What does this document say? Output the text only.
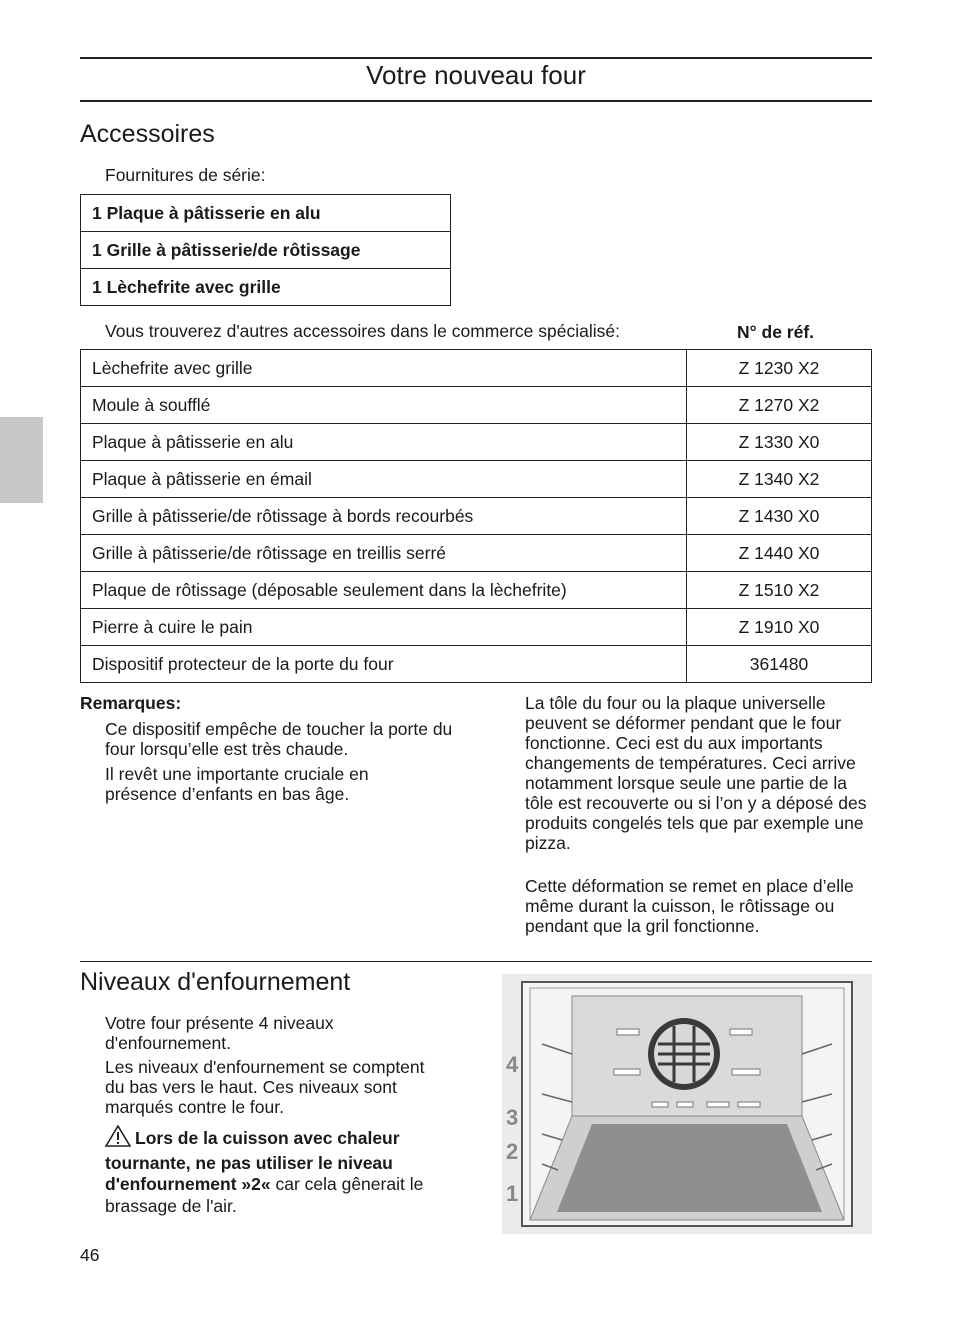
Votre nouveau four
Accessoires
Fournitures de série:
1 Plaque à pâtisserie en alu
1 Grille à pâtisserie/de rôtissage
1 Lèchefrite avec grille
Vous trouverez d'autres accessoires dans le commerce spécialisé:	N° de réf.
Lèchefrite avec grille	Z 1230 X2
Moule à soufflé	Z 1270 X2
Plaque à pâtisserie en alu	Z 1330 X0
Plaque à pâtisserie en émail	Z 1340 X2
Grille à pâtisserie/de rôtissage à bords recourbés	Z 1430 X0
Grille à pâtisserie/de rôtissage en treillis serré	Z 1440 X0
Plaque de rôtissage (déposable seulement dans la lèchefrite)	Z 1510 X2
Pierre à cuire le pain	Z 1910 X0
Dispositif protecteur de la porte du four	361480
Remarques:
Ce dispositif empêche de toucher la porte du four lorsqu’elle est très chaude.
Il revêt une importante cruciale en présence d’enfants en bas âge.
La tôle du four ou la plaque universelle peuvent se déformer pendant que le four fonctionne. Ceci est du aux importants changements de températures. Ceci arrive notamment lorsque seule une partie de la tôle est recouverte ou si l’on y a déposé des produits congelés tels que par exemple une pizza.
Cette déformation se remet en place d’elle même durant la cuisson, le rôtissage ou pendant que la gril fonctionne.
Niveaux d'enfournement
Votre four présente 4 niveaux d'enfournement.
Les niveaux d'enfournement se comptent du bas vers le haut. Ces niveaux sont marqués contre le four.
Lors de la cuisson avec chaleur tournante, ne pas utiliser le niveau d'enfournement »2« car cela gênerait le brassage de l'air.
4
3
2
1
46
